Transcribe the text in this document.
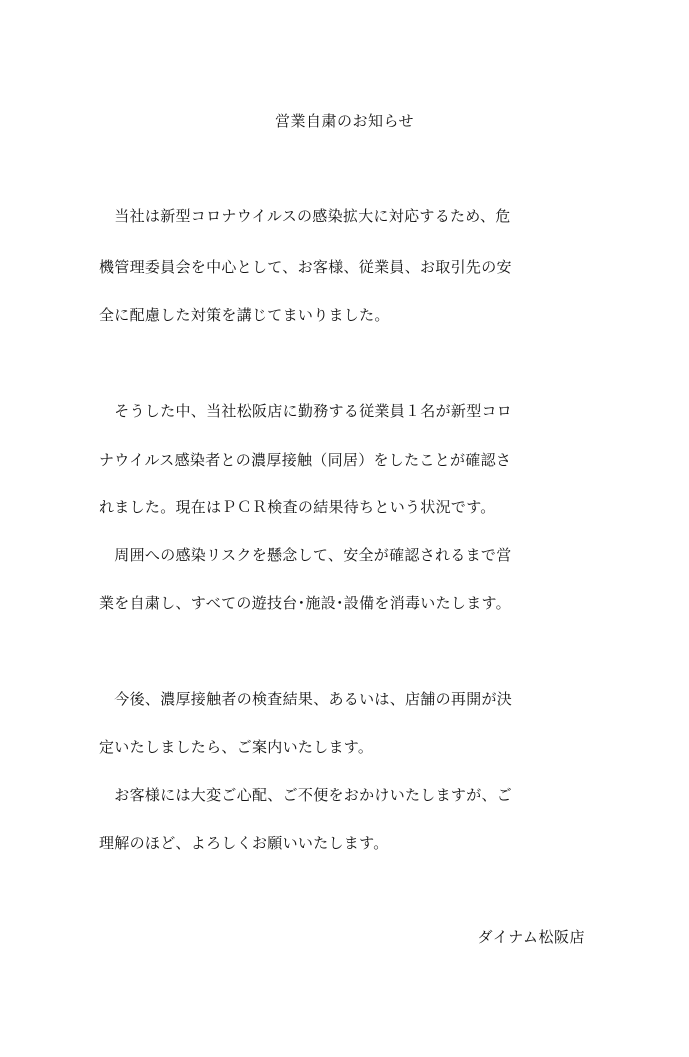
営業自粛のお知らせ
　当社は新型コロナウイルスの感染拡大に対応するため、危
機管理委員会を中心として、お客様、従業員、お取引先の安
全に配慮した対策を講じてまいりました。
　そうした中、当社松阪店に勤務する従業員１名が新型コロ
ナウイルス感染者との濃厚接触（同居）をしたことが確認さ
れました。現在はＰＣＲ検査の結果待ちという状況です。
　周囲への感染リスクを懸念して、安全が確認されるまで営
業を自粛し、すべての遊技台･施設･設備を消毒いたします。
　今後、濃厚接触者の検査結果、あるいは、店舗の再開が決
定いたしましたら、ご案内いたします。
　お客様には大変ご心配、ご不便をおかけいたしますが、ご
理解のほど、よろしくお願いいたします。
ダイナム松阪店
